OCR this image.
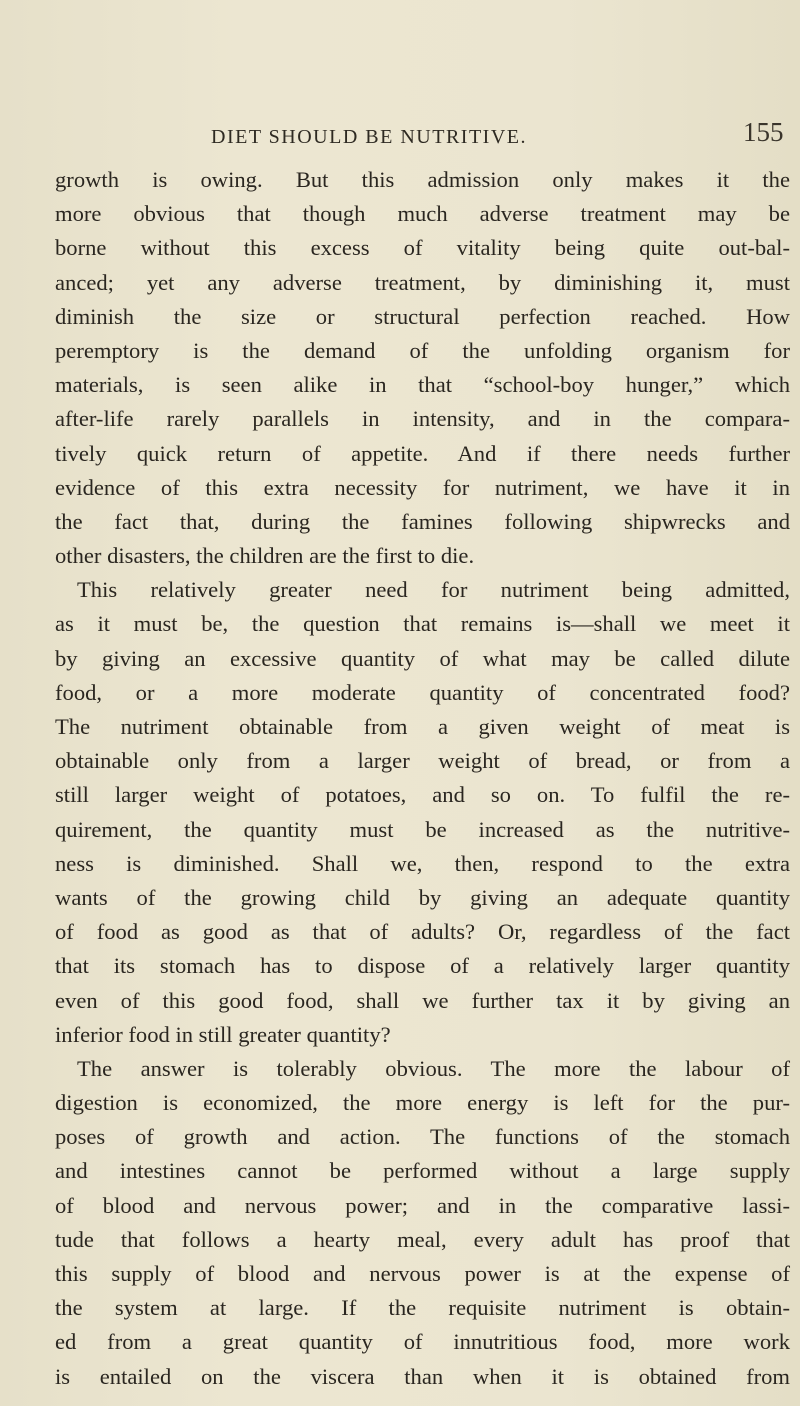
DIET SHOULD BE NUTRITIVE.	155
growth is owing. But this admission only makes it the
more obvious that though much adverse treatment may be
borne without this excess of vitality being quite out-bal-
anced; yet any adverse treatment, by diminishing it, must
diminish the size or structural perfection reached. How
peremptory is the demand of the unfolding organism for
materials, is seen alike in that “school-boy hunger,” which
after-life rarely parallels in intensity, and in the compara-
tively quick return of appetite. And if there needs further
evidence of this extra necessity for nutriment, we have it in
the fact that, during the famines following shipwrecks and
other disasters, the children are the first to die.
This relatively greater need for nutriment being admitted,
as it must be, the question that remains is—shall we meet it
by giving an excessive quantity of what may be called dilute
food, or a more moderate quantity of concentrated food?
The nutriment obtainable from a given weight of meat is
obtainable only from a larger weight of bread, or from a
still larger weight of potatoes, and so on. To fulfil the re-
quirement, the quantity must be increased as the nutritive-
ness is diminished. Shall we, then, respond to the extra
wants of the growing child by giving an adequate quantity
of food as good as that of adults? Or, regardless of the fact
that its stomach has to dispose of a relatively larger quantity
even of this good food, shall we further tax it by giving an
inferior food in still greater quantity?
The answer is tolerably obvious. The more the labour of
digestion is economized, the more energy is left for the pur-
poses of growth and action. The functions of the stomach
and intestines cannot be performed without a large supply
of blood and nervous power; and in the comparative lassi-
tude that follows a hearty meal, every adult has proof that
this supply of blood and nervous power is at the expense of
the system at large. If the requisite nutriment is obtain-
ed from a great quantity of innutritious food, more work
is entailed on the viscera than when it is obtained from
